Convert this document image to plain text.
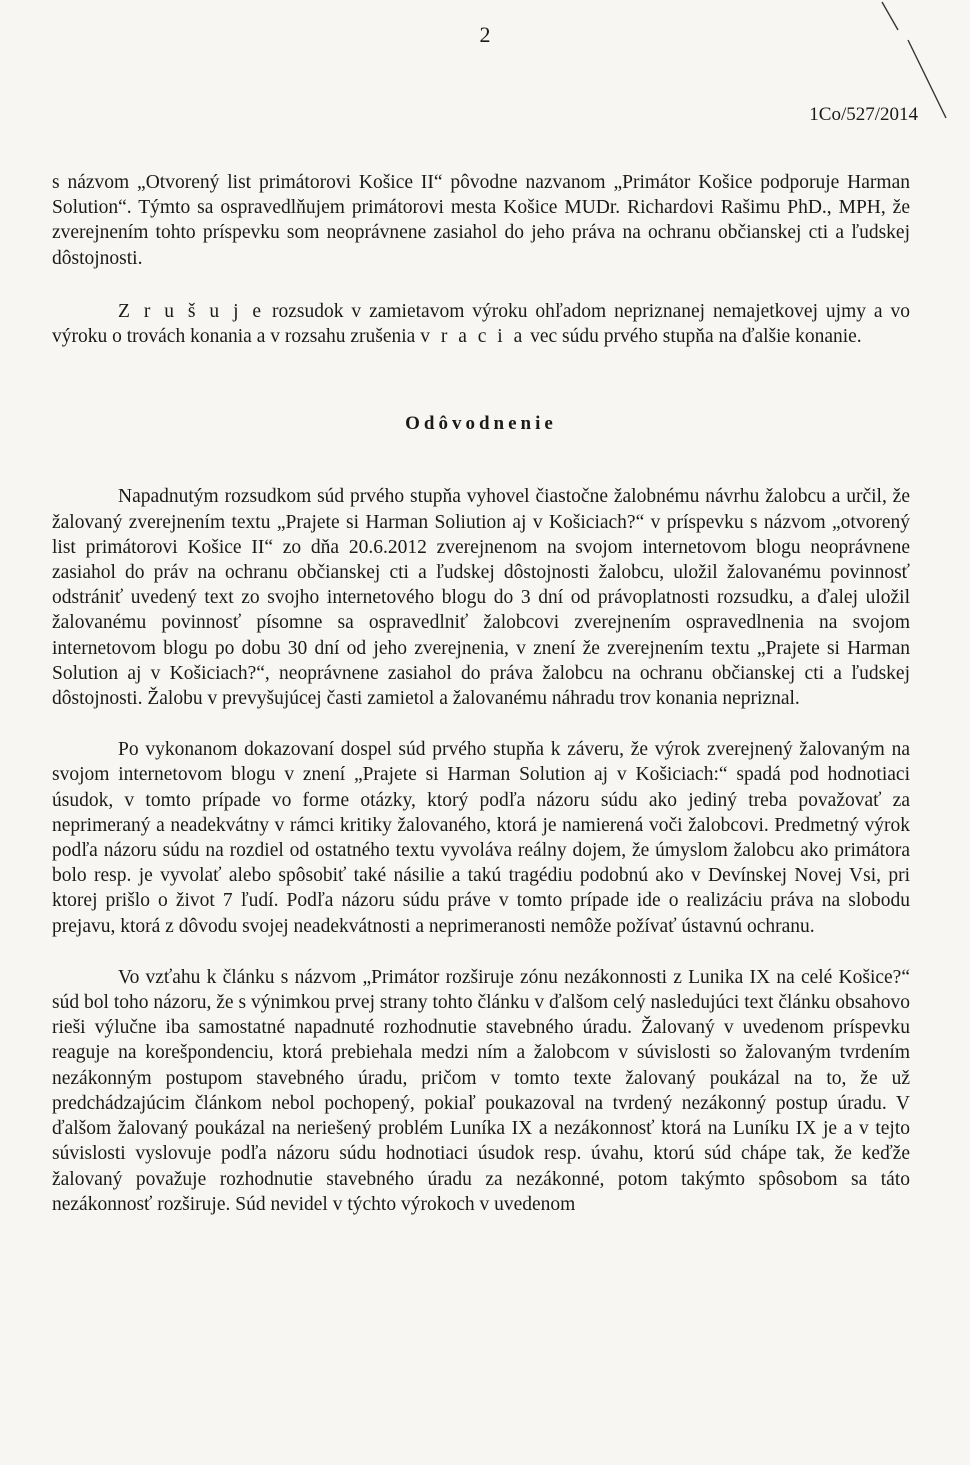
2
1Co/527/2014

s názvom „Otvorený list primátorovi Košice II“ pôvodne nazvanom „Primátor Košice podporuje Harman Solution“. Týmto sa ospravedlňujem primátorovi mesta Košice MUDr. Richardovi Rašimu PhD., MPH, že zverejnením tohto príspevku som neoprávnene zasiahol do jeho práva na ochranu občianskej cti a ľudskej dôstojnosti.

Z r u š u j e rozsudok v zamietavom výroku ohľadom nepriznanej nemajetkovej ujmy a vo výroku o trovách konania a v rozsahu zrušenia v r a c i a vec súdu prvého stupňa na ďalšie konanie.

Odôvodnenie

Napadnutým rozsudkom súd prvého stupňa vyhovel čiastočne žalobnému návrhu žalobcu a určil, že žalovaný zverejnením textu „Prajete si Harman Soliution aj v Košiciach?“ v príspevku s názvom „otvorený list primátorovi Košice II“ zo dňa 20.6.2012 zverejnenom na svojom internetovom blogu neoprávnene zasiahol do práv na ochranu občianskej cti a ľudskej dôstojnosti žalobcu, uložil žalovanému povinnosť odstrániť uvedený text zo svojho internetového blogu do 3 dní od právoplatnosti rozsudku, a ďalej uložil žalovanému povinnosť písomne sa ospravedlniť žalobcovi zverejnením ospravedlnenia na svojom internetovom blogu po dobu 30 dní od jeho zverejnenia, v znení že zverejnením textu „Prajete si Harman Solution aj v Košiciach?“, neoprávnene zasiahol do práva žalobcu na ochranu občianskej cti a ľudskej dôstojnosti. Žalobu v prevyšujúcej časti zamietol a žalovanému náhradu trov konania nepriznal.

Po vykonanom dokazovaní dospel súd prvého stupňa k záveru, že výrok zverejnený žalovaným na svojom internetovom blogu v znení „Prajete si Harman Solution aj v Košiciach:“ spadá pod hodnotiaci úsudok, v tomto prípade vo forme otázky, ktorý podľa názoru súdu ako jediný treba považovať za neprimeraný a neadekvátny v rámci kritiky žalovaného, ktorá je namierená voči žalobcovi. Predmetný výrok podľa názoru súdu na rozdiel od ostatného textu vyvoláva reálny dojem, že úmyslom žalobcu ako primátora bolo resp. je vyvolať alebo spôsobiť také násilie a takú tragédiu podobnú ako v Devínskej Novej Vsi, pri ktorej prišlo o život 7 ľudí. Podľa názoru súdu práve v tomto prípade ide o realizáciu práva na slobodu prejavu, ktorá z dôvodu svojej neadekvátnosti a neprimeranosti nemôže požívať ústavnú ochranu.

Vo vzťahu k článku s názvom „Primátor rozširuje zónu nezákonnosti z Lunika IX na celé Košice?“ súd bol toho názoru, že s výnimkou prvej strany tohto článku v ďalšom celý nasledujúci text článku obsahovo rieši výlučne iba samostatné napadnuté rozhodnutie stavebného úradu. Žalovaný v uvedenom príspevku reaguje na korešpondenciu, ktorá prebiehala medzi ním a žalobcom v súvislosti so žalovaným tvrdením nezákonným postupom stavebného úradu, pričom v tomto texte žalovaný poukázal na to, že už predchádzajúcim článkom nebol pochopený, pokiaľ poukazoval na tvrdený nezákonný postup úradu. V ďalšom žalovaný poukázal na neriešený problém Luníka IX a nezákonnosť ktorá na Luníku IX je a v tejto súvislosti vyslovuje podľa názoru súdu hodnotiaci úsudok resp. úvahu, ktorú súd chápe tak, že keďže žalovaný považuje rozhodnutie stavebného úradu za nezákonné, potom takýmto spôsobom sa táto nezákonnosť rozširuje. Súd nevidel v týchto výrokoch v uvedenom
